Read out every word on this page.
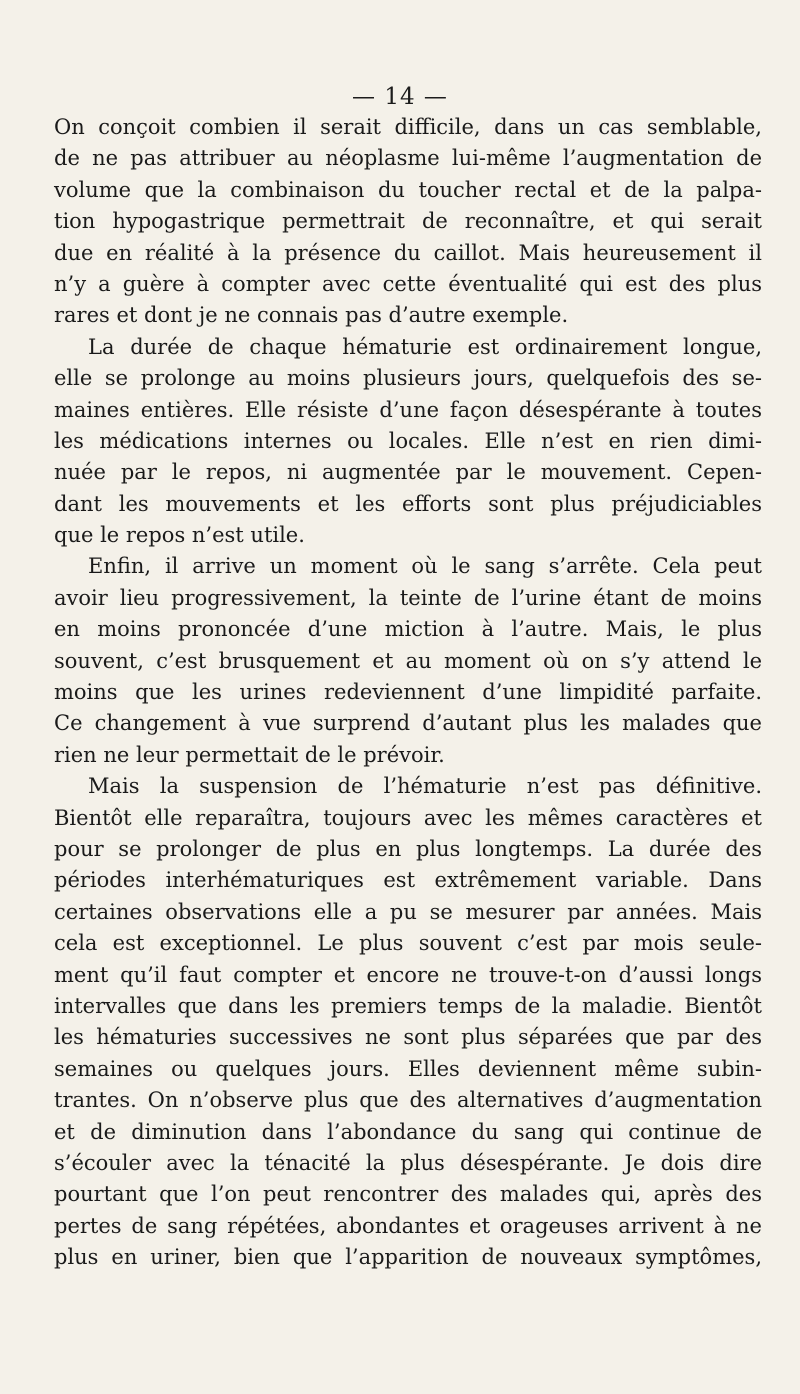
— 14 —
On conçoit combien il serait difficile, dans un cas semblable,
de ne pas attribuer au néoplasme lui-même l’augmentation de
volume que la combinaison du toucher rectal et de la palpa-
tion hypogastrique permettrait de reconnaître, et qui serait
due en réalité à la présence du caillot. Mais heureusement il
n’y a guère à compter avec cette éventualité qui est des plus
rares et dont je ne connais pas d’autre exemple.
La durée de chaque hématurie est ordinairement longue,
elle se prolonge au moins plusieurs jours, quelquefois des se-
maines entières. Elle résiste d’une façon désespérante à toutes
les médications internes ou locales. Elle n’est en rien dimi-
nuée par le repos, ni augmentée par le mouvement. Cepen-
dant les mouvements et les efforts sont plus préjudiciables
que le repos n’est utile.
Enfin, il arrive un moment où le sang s’arrête. Cela peut
avoir lieu progressivement, la teinte de l’urine étant de moins
en moins prononcée d’une miction à l’autre. Mais, le plus
souvent, c’est brusquement et au moment où on s’y attend le
moins que les urines redeviennent d’une limpidité parfaite.
Ce changement à vue surprend d’autant plus les malades que
rien ne leur permettait de le prévoir.
Mais la suspension de l’hématurie n’est pas définitive.
Bientôt elle reparaîtra, toujours avec les mêmes caractères et
pour se prolonger de plus en plus longtemps. La durée des
périodes interhématuriques est extrêmement variable. Dans
certaines observations elle a pu se mesurer par années. Mais
cela est exceptionnel. Le plus souvent c’est par mois seule-
ment qu’il faut compter et encore ne trouve-t-on d’aussi longs
intervalles que dans les premiers temps de la maladie. Bientôt
les hématuries successives ne sont plus séparées que par des
semaines ou quelques jours. Elles deviennent même subin-
trantes. On n’observe plus que des alternatives d’augmentation
et de diminution dans l’abondance du sang qui continue de
s’écouler avec la ténacité la plus désespérante. Je dois dire
pourtant que l’on peut rencontrer des malades qui, après des
pertes de sang répétées, abondantes et orageuses arrivent à ne
plus en uriner, bien que l’apparition de nouveaux symptômes,
